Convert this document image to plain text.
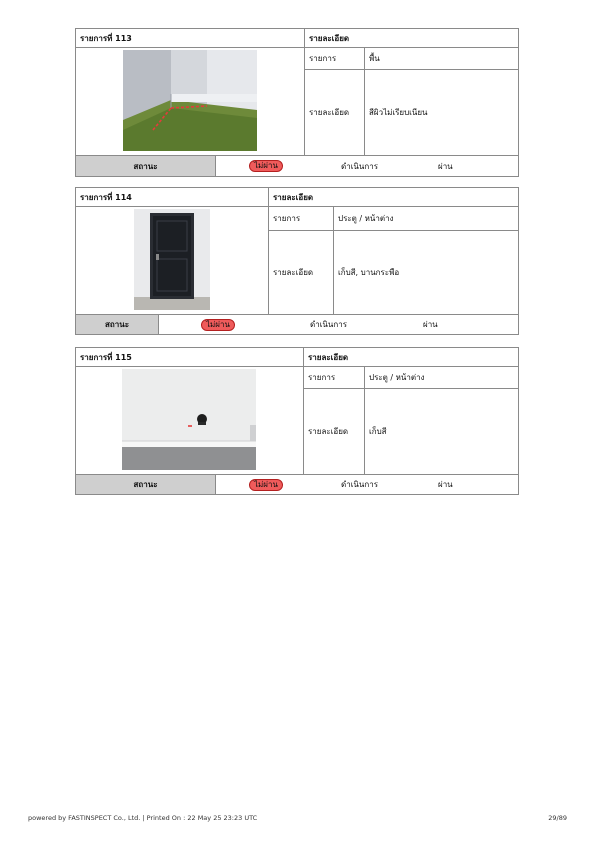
รายการที่ 113	รายละเอียด
รายการ	พื้น
รายละเอียด	สีผิวไม่เรียบเนียน
สถานะ	ไม่ผ่าน	ดำเนินการ	ผ่าน
รายการที่ 114	รายละเอียด
รายการ	ประตู / หน้าต่าง
รายละเอียด	เก็บสี, บานกระพือ
สถานะ	ไม่ผ่าน	ดำเนินการ	ผ่าน
รายการที่ 115	รายละเอียด
รายการ	ประตู / หน้าต่าง
รายละเอียด	เก็บสี
สถานะ	ไม่ผ่าน	ดำเนินการ	ผ่าน
powered by FASTINSPECT Co., Ltd. | Printed On : 22 May 25 23:23 UTC	29/89
